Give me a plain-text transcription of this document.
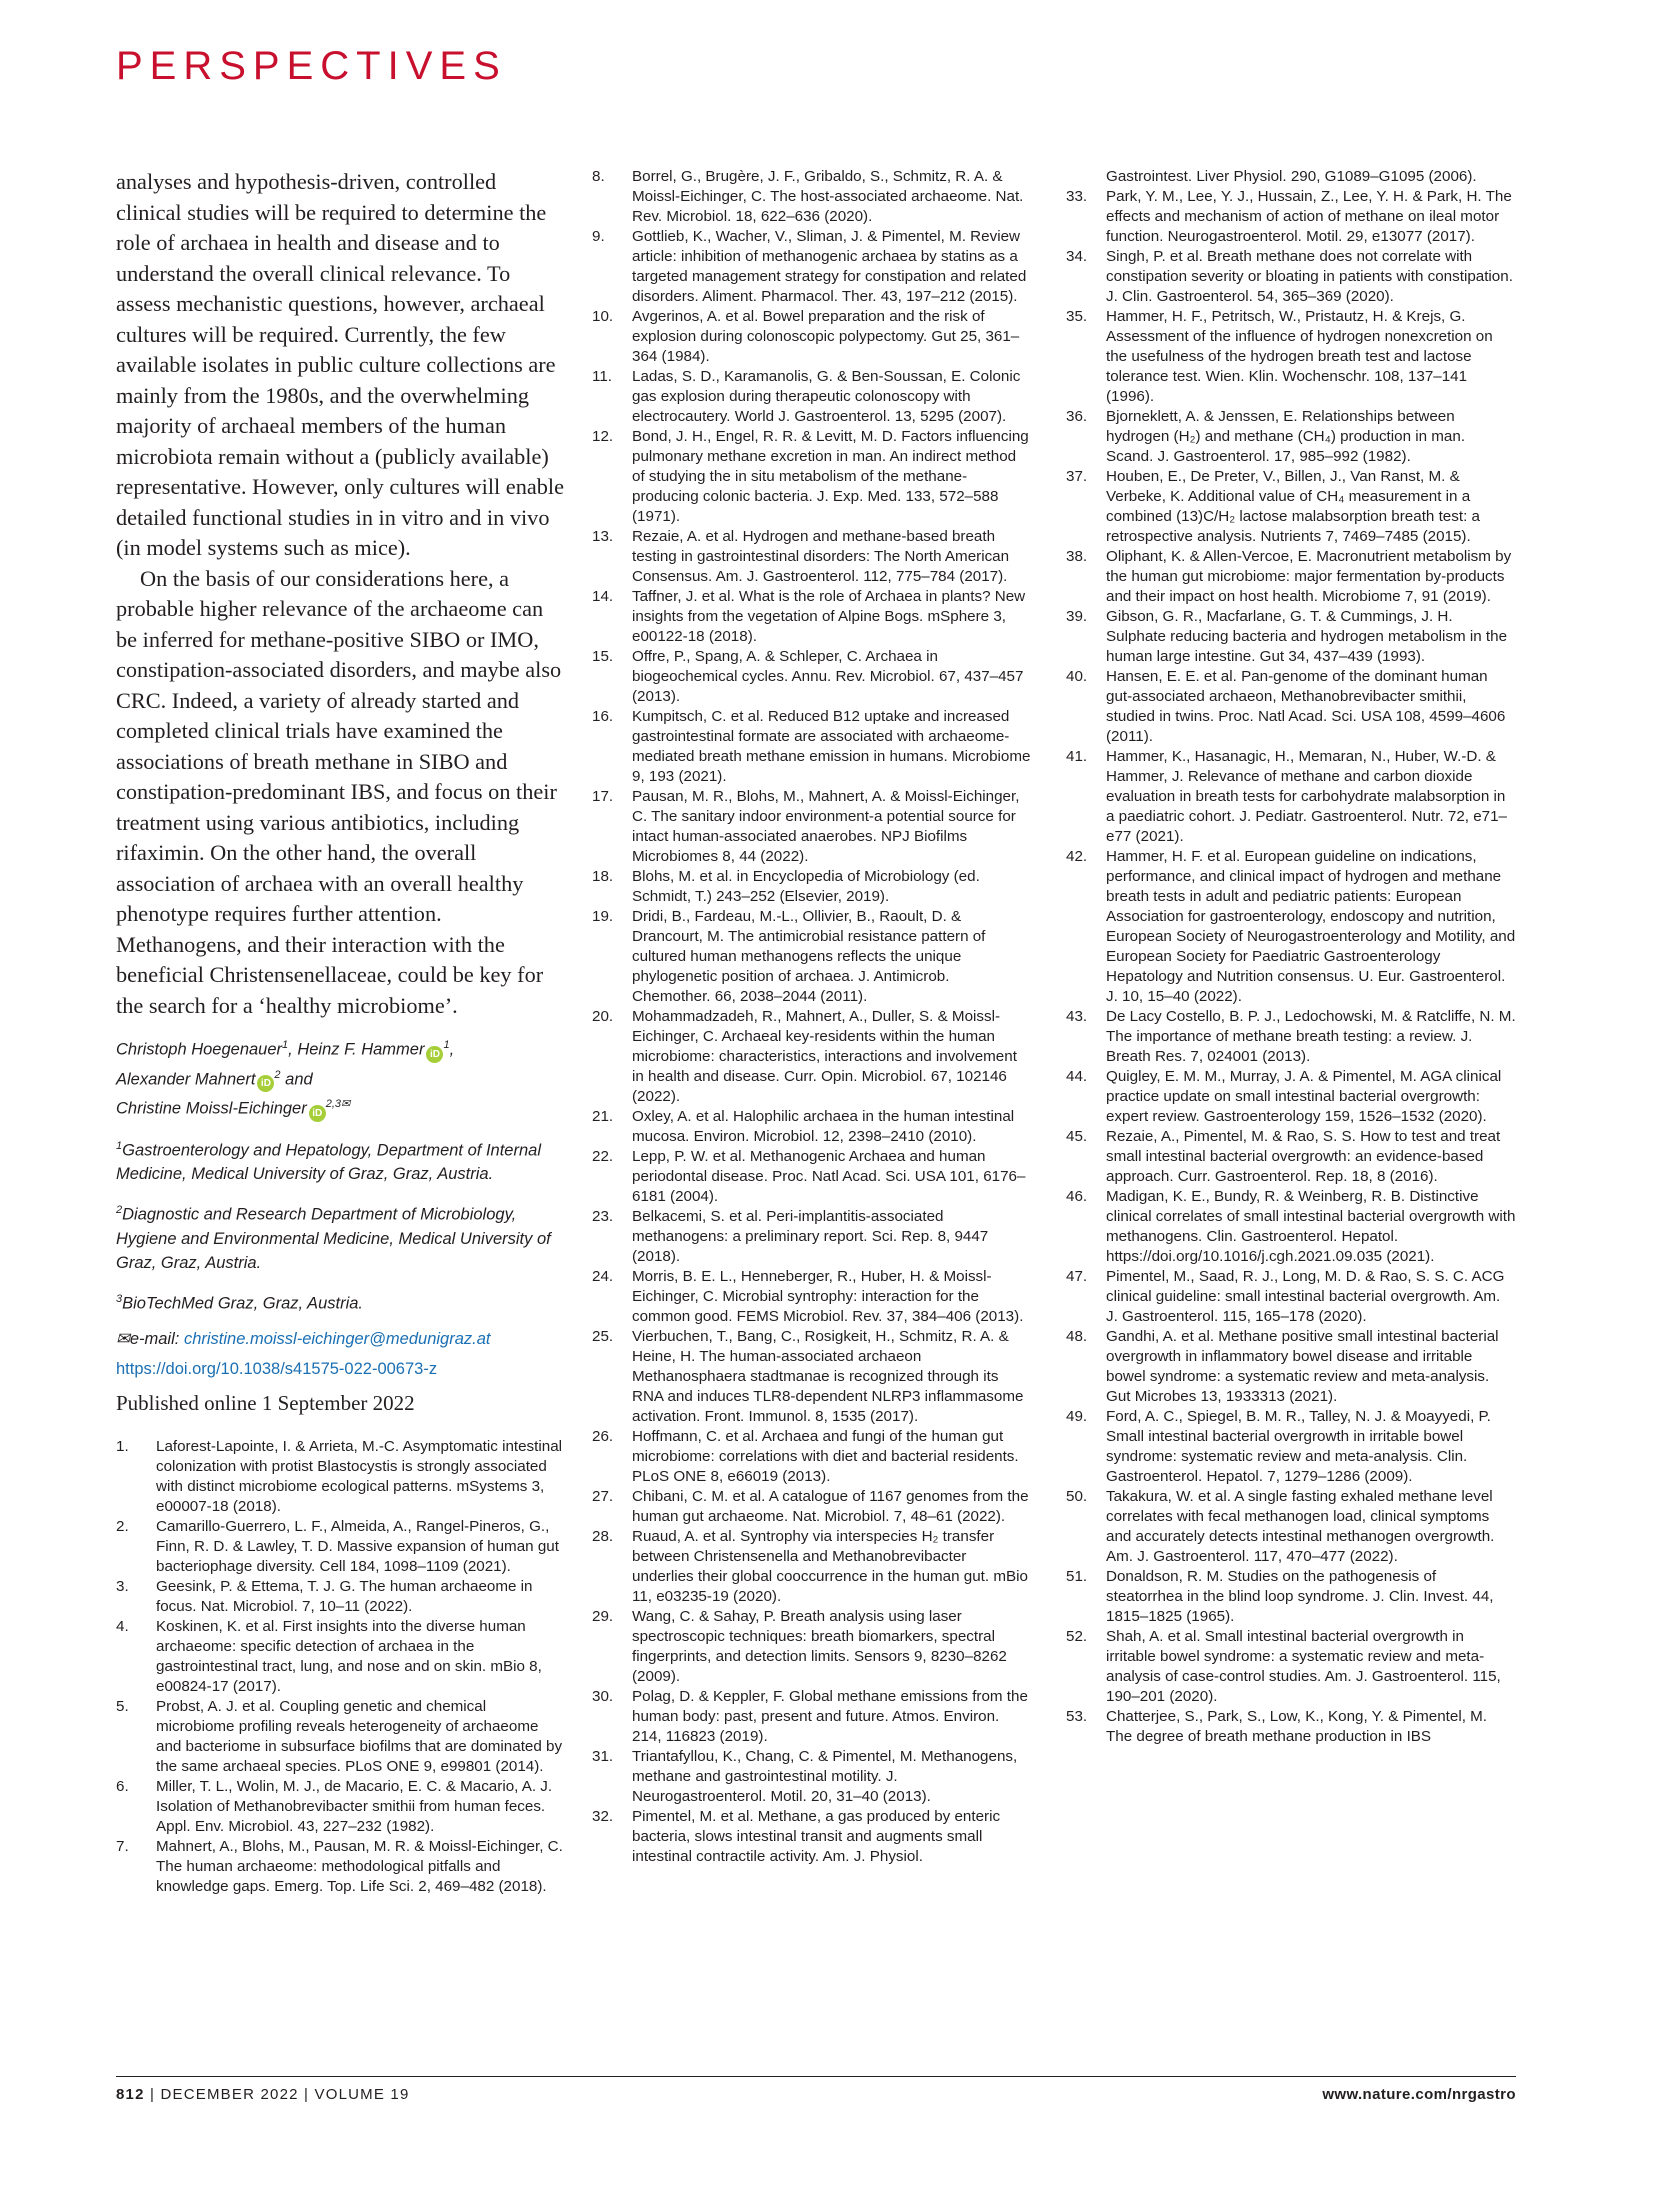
PERSPECTIVES

analyses and hypothesis-driven, controlled clinical studies will be required to determine the role of archaea in health and disease and to understand the overall clinical relevance. To assess mechanistic questions, however, archaeal cultures will be required. Currently, the few available isolates in public culture collections are mainly from the 1980s, and the overwhelming majority of archaeal members of the human microbiota remain without a (publicly available) representative. However, only cultures will enable detailed functional studies in in vitro and in vivo (in model systems such as mice).

On the basis of our considerations here, a probable higher relevance of the archaeome can be inferred for methane-positive SIBO or IMO, constipation-associated disorders, and maybe also CRC. Indeed, a variety of already started and completed clinical trials have examined the associations of breath methane in SIBO and constipation-predominant IBS, and focus on their treatment using various antibiotics, including rifaximin. On the other hand, the overall association of archaea with an overall healthy phenotype requires further attention. Methanogens, and their interaction with the beneficial Christensenellaceae, could be key for the search for a ‘healthy microbiome’.

Christoph Hoegenauer$^1$, Heinz F. Hammer $iD^1$,
Alexander Mahnert $iD^2$ and
Christine Moissl-Eichinger $iD^{2,3✉}$
$^1$Gastroenterology and Hepatology, Department of Internal Medicine, Medical University of Graz, Graz, Austria.
$^2$Diagnostic and Research Department of Microbiology, Hygiene and Environmental Medicine, Medical University of Graz, Graz, Austria.
$^3$BioTechMed Graz, Graz, Austria.
✉e-mail: christine.moissl-eichinger@medunigraz.at
https://doi.org/10.1038/s41575-022-00673-z
Published online 1 September 2022
1.	Laforest-Lapointe, I. & Arrieta, M.-C. Asymptomatic intestinal colonization with protist Blastocystis is strongly associated with distinct microbiome ecological patterns. mSystems 3, e00007-18 (2018).
2.	Camarillo-Guerrero, L. F., Almeida, A., Rangel-Pineros, G., Finn, R. D. & Lawley, T. D. Massive expansion of human gut bacteriophage diversity. Cell 184, 1098–1109 (2021).
3.	Geesink, P. & Ettema, T. J. G. The human archaeome in focus. Nat. Microbiol. 7, 10–11 (2022).
4.	Koskinen, K. et al. First insights into the diverse human archaeome: specific detection of archaea in the gastrointestinal tract, lung, and nose and on skin. mBio 8, e00824-17 (2017).
5.	Probst, A. J. et al. Coupling genetic and chemical microbiome profiling reveals heterogeneity of archaeome and bacteriome in subsurface biofilms that are dominated by the same archaeal species. PLoS ONE 9, e99801 (2014).
6.	Miller, T. L., Wolin, M. J., de Macario, E. C. & Macario, A. J. Isolation of Methanobrevibacter smithii from human feces. Appl. Env. Microbiol. 43, 227–232 (1982).
7.	Mahnert, A., Blohs, M., Pausan, M. R. & Moissl-Eichinger, C. The human archaeome: methodological pitfalls and knowledge gaps. Emerg. Top. Life Sci. 2, 469–482 (2018).
8.	Borrel, G., Brugère, J. F., Gribaldo, S., Schmitz, R. A. & Moissl-Eichinger, C. The host-associated archaeome. Nat. Rev. Microbiol. 18, 622–636 (2020).
9.	Gottlieb, K., Wacher, V., Sliman, J. & Pimentel, M. Review article: inhibition of methanogenic archaea by statins as a targeted management strategy for constipation and related disorders. Aliment. Pharmacol. Ther. 43, 197–212 (2015).
10.	Avgerinos, A. et al. Bowel preparation and the risk of explosion during colonoscopic polypectomy. Gut 25, 361–364 (1984).
11.	Ladas, S. D., Karamanolis, G. & Ben-Soussan, E. Colonic gas explosion during therapeutic colonoscopy with electrocautery. World J. Gastroenterol. 13, 5295 (2007).
12.	Bond, J. H., Engel, R. R. & Levitt, M. D. Factors influencing pulmonary methane excretion in man. An indirect method of studying the in situ metabolism of the methane-producing colonic bacteria. J. Exp. Med. 133, 572–588 (1971).
13.	Rezaie, A. et al. Hydrogen and methane-based breath testing in gastrointestinal disorders: The North American Consensus. Am. J. Gastroenterol. 112, 775–784 (2017).
14.	Taffner, J. et al. What is the role of Archaea in plants? New insights from the vegetation of Alpine Bogs. mSphere 3, e00122-18 (2018).
15.	Offre, P., Spang, A. & Schleper, C. Archaea in biogeochemical cycles. Annu. Rev. Microbiol. 67, 437–457 (2013).
16.	Kumpitsch, C. et al. Reduced B12 uptake and increased gastrointestinal formate are associated with archaeome-mediated breath methane emission in humans. Microbiome 9, 193 (2021).
17.	Pausan, M. R., Blohs, M., Mahnert, A. & Moissl-Eichinger, C. The sanitary indoor environment-a potential source for intact human-associated anaerobes. NPJ Biofilms Microbiomes 8, 44 (2022).
18.	Blohs, M. et al. in Encyclopedia of Microbiology (ed. Schmidt, T.) 243–252 (Elsevier, 2019).
19.	Dridi, B., Fardeau, M.-L., Ollivier, B., Raoult, D. & Drancourt, M. The antimicrobial resistance pattern of cultured human methanogens reflects the unique phylogenetic position of archaea. J. Antimicrob. Chemother. 66, 2038–2044 (2011).
20.	Mohammadzadeh, R., Mahnert, A., Duller, S. & Moissl-Eichinger, C. Archaeal key-residents within the human microbiome: characteristics, interactions and involvement in health and disease. Curr. Opin. Microbiol. 67, 102146 (2022).
21.	Oxley, A. et al. Halophilic archaea in the human intestinal mucosa. Environ. Microbiol. 12, 2398–2410 (2010).
22.	Lepp, P. W. et al. Methanogenic Archaea and human periodontal disease. Proc. Natl Acad. Sci. USA 101, 6176–6181 (2004).
23.	Belkacemi, S. et al. Peri-implantitis-associated methanogens: a preliminary report. Sci. Rep. 8, 9447 (2018).
24.	Morris, B. E. L., Henneberger, R., Huber, H. & Moissl-Eichinger, C. Microbial syntrophy: interaction for the common good. FEMS Microbiol. Rev. 37, 384–406 (2013).
25.	Vierbuchen, T., Bang, C., Rosigkeit, H., Schmitz, R. A. & Heine, H. The human-associated archaeon Methanosphaera stadtmanae is recognized through its RNA and induces TLR8-dependent NLRP3 inflammasome activation. Front. Immunol. 8, 1535 (2017).
26.	Hoffmann, C. et al. Archaea and fungi of the human gut microbiome: correlations with diet and bacterial residents. PLoS ONE 8, e66019 (2013).
27.	Chibani, C. M. et al. A catalogue of 1167 genomes from the human gut archaeome. Nat. Microbiol. 7, 48–61 (2022).
28.	Ruaud, A. et al. Syntrophy via interspecies H₂ transfer between Christensenella and Methanobrevibacter underlies their global cooccurrence in the human gut. mBio 11, e03235-19 (2020).
29.	Wang, C. & Sahay, P. Breath analysis using laser spectroscopic techniques: breath biomarkers, spectral fingerprints, and detection limits. Sensors 9, 8230–8262 (2009).
30.	Polag, D. & Keppler, F. Global methane emissions from the human body: past, present and future. Atmos. Environ. 214, 116823 (2019).
31.	Triantafyllou, K., Chang, C. & Pimentel, M. Methanogens, methane and gastrointestinal motility. J. Neurogastroenterol. Motil. 20, 31–40 (2013).
32.	Pimentel, M. et al. Methane, a gas produced by enteric bacteria, slows intestinal transit and augments small intestinal contractile activity. Am. J. Physiol.
Gastrointest. Liver Physiol. 290, G1089–G1095 (2006).
33.	Park, Y. M., Lee, Y. J., Hussain, Z., Lee, Y. H. & Park, H. The effects and mechanism of action of methane on ileal motor function. Neurogastroenterol. Motil. 29, e13077 (2017).
34.	Singh, P. et al. Breath methane does not correlate with constipation severity or bloating in patients with constipation. J. Clin. Gastroenterol. 54, 365–369 (2020).
35.	Hammer, H. F., Petritsch, W., Pristautz, H. & Krejs, G. Assessment of the influence of hydrogen nonexcretion on the usefulness of the hydrogen breath test and lactose tolerance test. Wien. Klin. Wochenschr. 108, 137–141 (1996).
36.	Bjorneklett, A. & Jenssen, E. Relationships between hydrogen (H₂) and methane (CH₄) production in man. Scand. J. Gastroenterol. 17, 985–992 (1982).
37.	Houben, E., De Preter, V., Billen, J., Van Ranst, M. & Verbeke, K. Additional value of CH₄ measurement in a combined (13)C/H₂ lactose malabsorption breath test: a retrospective analysis. Nutrients 7, 7469–7485 (2015).
38.	Oliphant, K. & Allen-Vercoe, E. Macronutrient metabolism by the human gut microbiome: major fermentation by-products and their impact on host health. Microbiome 7, 91 (2019).
39.	Gibson, G. R., Macfarlane, G. T. & Cummings, J. H. Sulphate reducing bacteria and hydrogen metabolism in the human large intestine. Gut 34, 437–439 (1993).
40.	Hansen, E. E. et al. Pan-genome of the dominant human gut-associated archaeon, Methanobrevibacter smithii, studied in twins. Proc. Natl Acad. Sci. USA 108, 4599–4606 (2011).
41.	Hammer, K., Hasanagic, H., Memaran, N., Huber, W.-D. & Hammer, J. Relevance of methane and carbon dioxide evaluation in breath tests for carbohydrate malabsorption in a paediatric cohort. J. Pediatr. Gastroenterol. Nutr. 72, e71–e77 (2021).
42.	Hammer, H. F. et al. European guideline on indications, performance, and clinical impact of hydrogen and methane breath tests in adult and pediatric patients: European Association for gastroenterology, endoscopy and nutrition, European Society of Neurogastroenterology and Motility, and European Society for Paediatric Gastroenterology Hepatology and Nutrition consensus. U. Eur. Gastroenterol. J. 10, 15–40 (2022).
43.	De Lacy Costello, B. P. J., Ledochowski, M. & Ratcliffe, N. M. The importance of methane breath testing: a review. J. Breath Res. 7, 024001 (2013).
44.	Quigley, E. M. M., Murray, J. A. & Pimentel, M. AGA clinical practice update on small intestinal bacterial overgrowth: expert review. Gastroenterology 159, 1526–1532 (2020).
45.	Rezaie, A., Pimentel, M. & Rao, S. S. How to test and treat small intestinal bacterial overgrowth: an evidence-based approach. Curr. Gastroenterol. Rep. 18, 8 (2016).
46.	Madigan, K. E., Bundy, R. & Weinberg, R. B. Distinctive clinical correlates of small intestinal bacterial overgrowth with methanogens. Clin. Gastroenterol. Hepatol. https://doi.org/10.1016/j.cgh.2021.09.035 (2021).
47.	Pimentel, M., Saad, R. J., Long, M. D. & Rao, S. S. C. ACG clinical guideline: small intestinal bacterial overgrowth. Am. J. Gastroenterol. 115, 165–178 (2020).
48.	Gandhi, A. et al. Methane positive small intestinal bacterial overgrowth in inflammatory bowel disease and irritable bowel syndrome: a systematic review and meta-analysis. Gut Microbes 13, 1933313 (2021).
49.	Ford, A. C., Spiegel, B. M. R., Talley, N. J. & Moayyedi, P. Small intestinal bacterial overgrowth in irritable bowel syndrome: systematic review and meta-analysis. Clin. Gastroenterol. Hepatol. 7, 1279–1286 (2009).
50.	Takakura, W. et al. A single fasting exhaled methane level correlates with fecal methanogen load, clinical symptoms and accurately detects intestinal methanogen overgrowth. Am. J. Gastroenterol. 117, 470–477 (2022).
51.	Donaldson, R. M. Studies on the pathogenesis of steatorrhea in the blind loop syndrome. J. Clin. Invest. 44, 1815–1825 (1965).
52.	Shah, A. et al. Small intestinal bacterial overgrowth in irritable bowel syndrome: a systematic review and meta-analysis of case-control studies. Am. J. Gastroenterol. 115, 190–201 (2020).
53.	Chatterjee, S., Park, S., Low, K., Kong, Y. & Pimentel, M. The degree of breath methane production in IBS
812 | DECEMBER 2022 | VOLUME 19	www.nature.com/nrgastro
